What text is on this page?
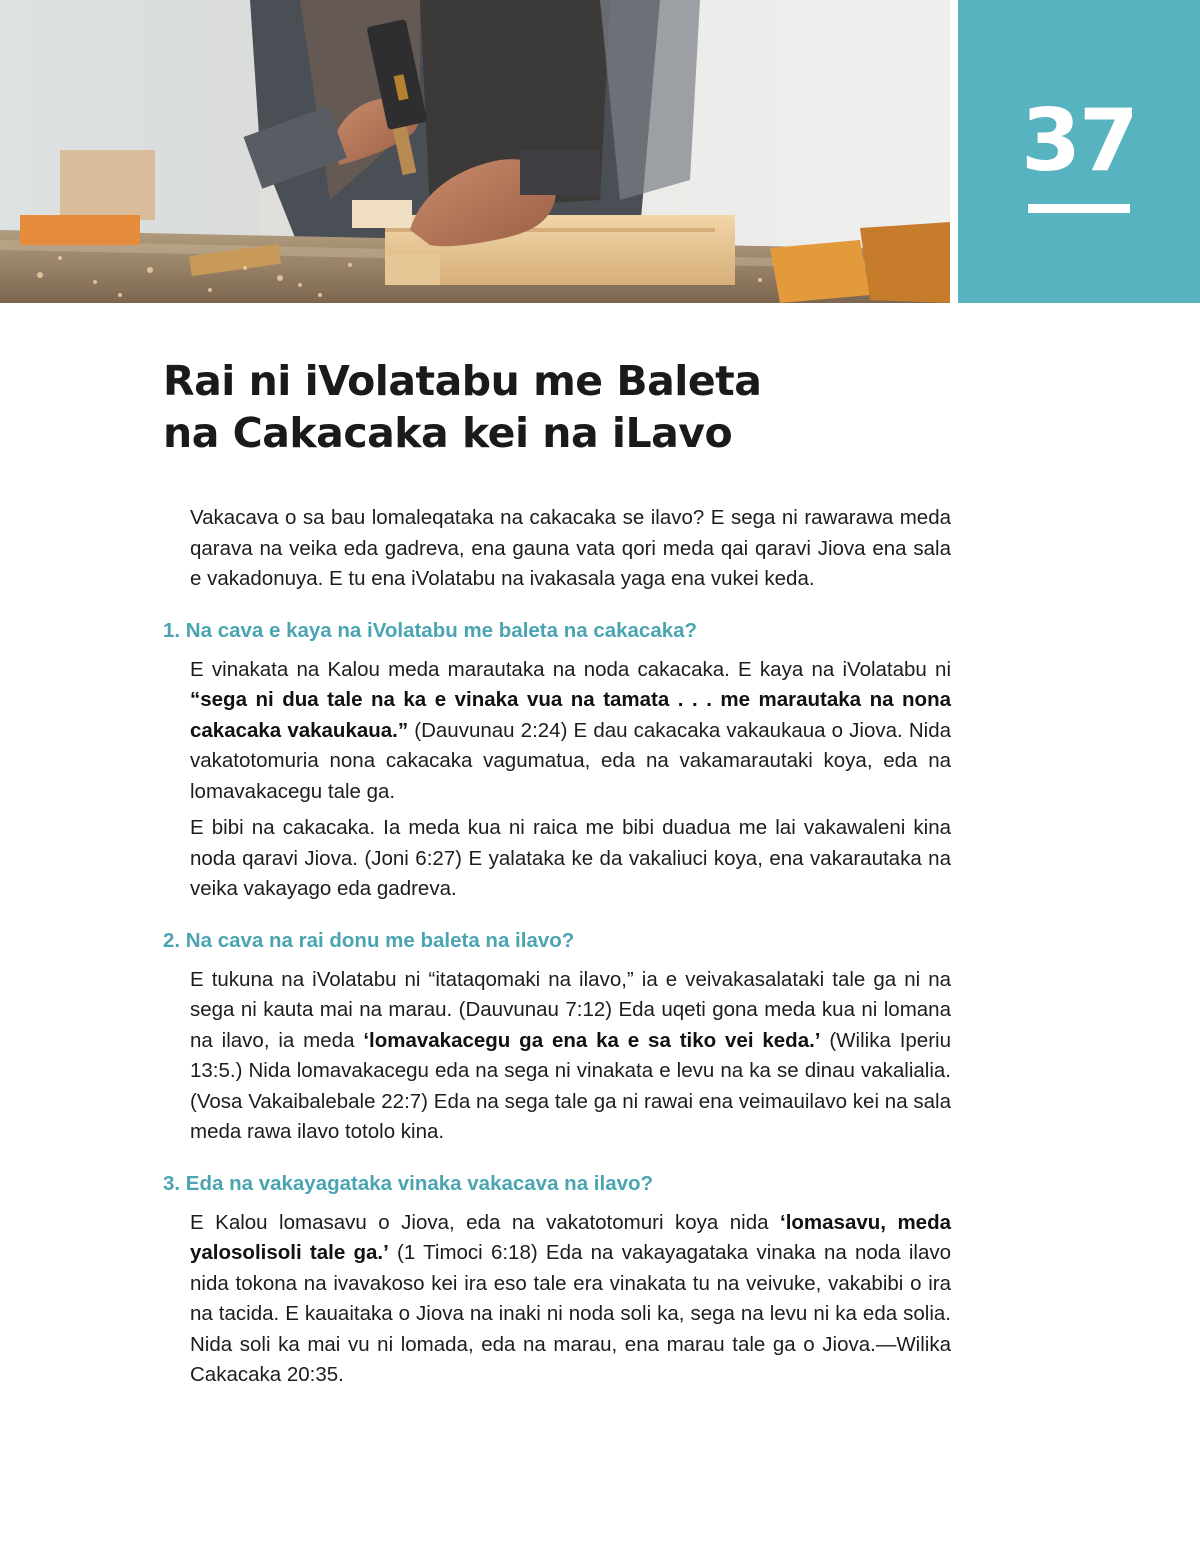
37
Rai ni iVolatabu me Baleta
na Cakacaka kei na iLavo

Vakacava o sa bau lomaleqataka na cakacaka se ilavo? E sega ni rawarawa meda qarava na veika eda gadreva, ena gauna vata qori meda qai qaravi Jiova ena sala e vakadonuya. E tu ena iVolatabu na ivakasala yaga ena vukei keda.

1. Na cava e kaya na iVolatabu me baleta na cakacaka?

E vinakata na Kalou meda marautaka na noda cakacaka. E kaya na iVolatabu ni “sega ni dua tale na ka e vinaka vua na tamata . . . me marautaka na nona cakacaka vakaukaua.” (Dauvunau 2:24) E dau cakacaka vakaukaua o Jiova. Nida vakatotomuria nona cakacaka vagumatua, eda na vakamarautaki koya, eda na lomavakacegu tale ga.

E bibi na cakacaka. Ia meda kua ni raica me bibi duadua me lai vakawaleni kina noda qaravi Jiova. (Joni 6:27) E yalataka ke da vakaliuci koya, ena vakarautaka na veika vakayago eda gadreva.

2. Na cava na rai donu me baleta na ilavo?

E tukuna na iVolatabu ni “itataqomaki na ilavo,” ia e veivakasalataki tale ga ni na sega ni kauta mai na marau. (Dauvunau 7:12) Eda uqeti gona meda kua ni lomana na ilavo, ia meda ‘lomavakacegu ga ena ka e sa tiko vei keda.’ (Wilika Iperiu 13:5.) Nida lomavakacegu eda na sega ni vinakata e levu na ka se dinau vakalialia. (Vosa Vakaibalebale 22:7) Eda na sega tale ga ni rawai ena veimauilavo kei na sala meda rawa ilavo totolo kina.

3. Eda na vakayagataka vinaka vakacava na ilavo?

E Kalou lomasavu o Jiova, eda na vakatotomuri koya nida ‘lomasavu, meda yalosolisoli tale ga.’ (1 Timoci 6:18) Eda na vakayagataka vinaka na noda ilavo nida tokona na ivavakoso kei ira eso tale era vinakata tu na veivuke, vakabibi o ira na tacida. E kauaitaka o Jiova na inaki ni noda soli ka, sega na levu ni ka eda solia. Nida soli ka mai vu ni lomada, eda na marau, ena marau tale ga o Jiova.—Wilika Cakacaka 20:35.
